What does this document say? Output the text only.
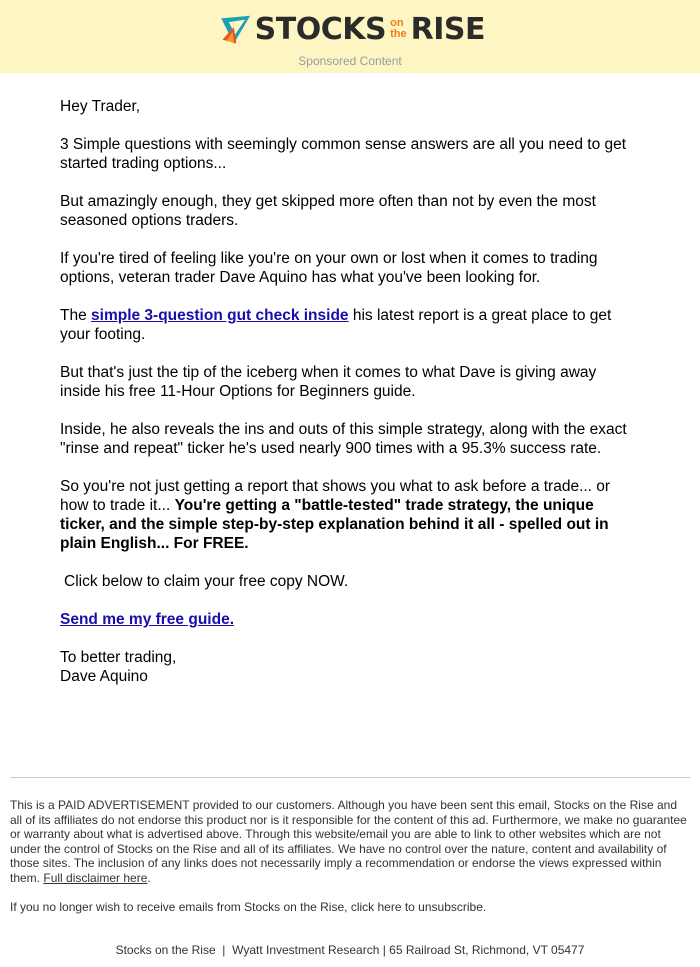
STOCKS on
the RISE
Sponsored Content

Hey Trader,

3 Simple questions with seemingly common sense answers are all you need to get started trading options...

But amazingly enough, they get skipped more often than not by even the most seasoned options traders.

If you're tired of feeling like you're on your own or lost when it comes to trading options, veteran trader Dave Aquino has what you've been looking for.

The simple 3-question gut check inside his latest report is a great place to get your footing.

But that's just the tip of the iceberg when it comes to what Dave is giving away inside his free 11-Hour Options for Beginners guide.

Inside, he also reveals the ins and outs of this simple strategy, along with the exact "rinse and repeat" ticker he's used nearly 900 times with a 95.3% success rate.

So you're not just getting a report that shows you what to ask before a trade... or how to trade it... You're getting a "battle-tested" trade strategy, the unique ticker, and the simple step-by-step explanation behind it all - spelled out in plain English... For FREE.

Click below to claim your free copy NOW.

Send me my free guide.

To better trading,
Dave Aquino
This is a PAID ADVERTISEMENT provided to our customers. Although you have been sent this email, Stocks on the Rise and all of its affiliates do not endorse this product nor is it responsible for the content of this ad. Furthermore, we make no guarantee or warranty about what is advertised above. Through this website/email you are able to link to other websites which are not under the control of Stocks on the Rise and all of its affiliates. We have no control over the nature, content and availability of those sites. The inclusion of any links does not necessarily imply a recommendation or endorse the views expressed within them. Full disclaimer here.
If you no longer wish to receive emails from Stocks on the Rise, click here to unsubscribe.
Stocks on the Rise  |  Wyatt Investment Research | 65 Railroad St, Richmond, VT 05477
